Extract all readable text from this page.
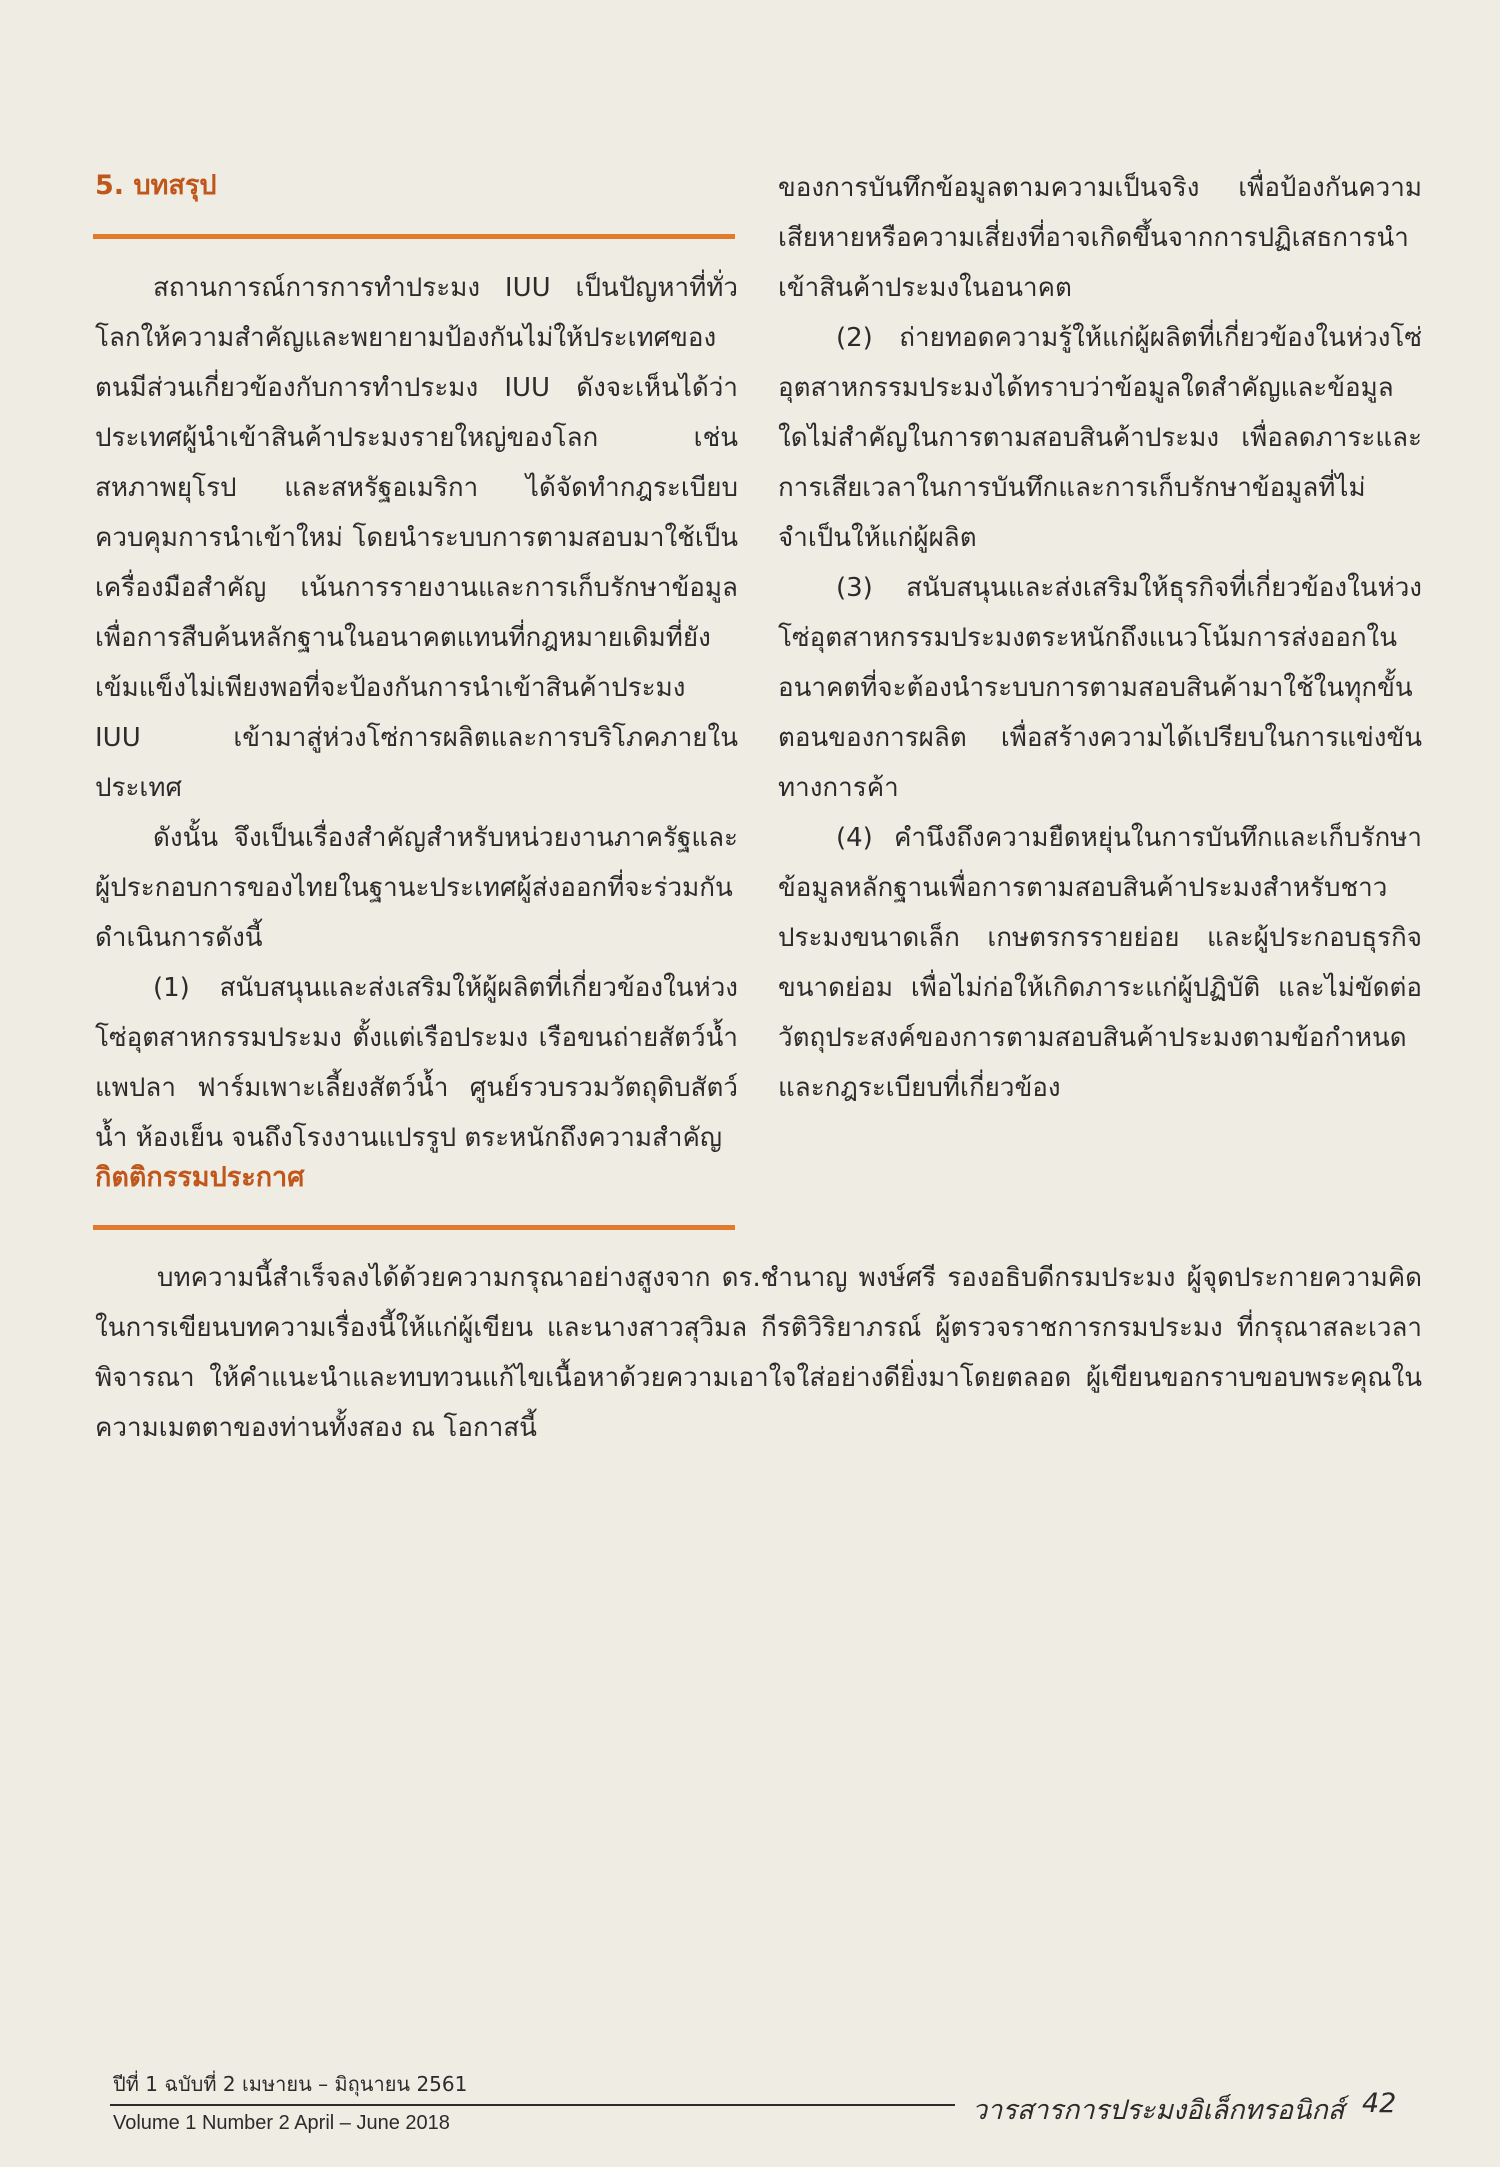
5. บทสรุป

สถานการณ์การการทำประมง IUU เป็นปัญหาที่ทั่วโลกให้ความสำคัญและพยายามป้องกันไม่ให้ประเทศของตนมีส่วนเกี่ยวข้องกับการทำประมง IUU ดังจะเห็นได้ว่าประเทศผู้นำเข้าสินค้าประมงรายใหญ่ของโลก เช่น สหภาพยุโรป และสหรัฐอเมริกา ได้จัดทำกฎระเบียบควบคุมการนำเข้าใหม่ โดยนำระบบการตามสอบมาใช้เป็นเครื่องมือสำคัญ เน้นการรายงานและการเก็บรักษาข้อมูลเพื่อการสืบค้นหลักฐานในอนาคตแทนที่กฎหมายเดิมที่ยังเข้มแข็งไม่เพียงพอที่จะป้องกันการนำเข้าสินค้าประมง IUU เข้ามาสู่ห่วงโซ่การผลิตและการบริโภคภายในประเทศ

ดังนั้น จึงเป็นเรื่องสำคัญสำหรับหน่วยงานภาครัฐและผู้ประกอบการของไทยในฐานะประเทศผู้ส่งออกที่จะร่วมกันดำเนินการดังนี้

(1) สนับสนุนและส่งเสริมให้ผู้ผลิตที่เกี่ยวข้องในห่วงโซ่อุตสาหกรรมประมง ตั้งแต่เรือประมง เรือขนถ่ายสัตว์น้ำ แพปลา ฟาร์มเพาะเลี้ยงสัตว์น้ำ ศูนย์รวบรวมวัตถุดิบสัตว์น้ำ ห้องเย็น จนถึงโรงงานแปรรูป ตระหนักถึงความสำคัญ

ของการบันทึกข้อมูลตามความเป็นจริง เพื่อป้องกันความเสียหายหรือความเสี่ยงที่อาจเกิดขึ้นจากการปฏิเสธการนำเข้าสินค้าประมงในอนาคต

(2) ถ่ายทอดความรู้ให้แก่ผู้ผลิตที่เกี่ยวข้องในห่วงโซ่อุตสาหกรรมประมงได้ทราบว่าข้อมูลใดสำคัญและข้อมูลใดไม่สำคัญในการตามสอบสินค้าประมง เพื่อลดภาระและการเสียเวลาในการบันทึกและการเก็บรักษาข้อมูลที่ไม่จำเป็นให้แก่ผู้ผลิต

(3) สนับสนุนและส่งเสริมให้ธุรกิจที่เกี่ยวข้องในห่วงโซ่อุตสาหกรรมประมงตระหนักถึงแนวโน้มการส่งออกในอนาคตที่จะต้องนำระบบการตามสอบสินค้ามาใช้ในทุกขั้นตอนของการผลิต เพื่อสร้างความได้เปรียบในการแข่งขันทางการค้า

(4) คำนึงถึงความยืดหยุ่นในการบันทึกและเก็บรักษาข้อมูลหลักฐานเพื่อการตามสอบสินค้าประมงสำหรับชาวประมงขนาดเล็ก เกษตรกรรายย่อย และผู้ประกอบธุรกิจขนาดย่อม เพื่อไม่ก่อให้เกิดภาระแก่ผู้ปฏิบัติ และไม่ขัดต่อวัตถุประสงค์ของการตามสอบสินค้าประมงตามข้อกำหนดและกฎระเบียบที่เกี่ยวข้อง

กิตติกรรมประกาศ

บทความนี้สำเร็จลงได้ด้วยความกรุณาอย่างสูงจาก ดร.ชำนาญ พงษ์ศรี รองอธิบดีกรมประมง ผู้จุดประกายความคิดในการเขียนบทความเรื่องนี้ให้แก่ผู้เขียน และนางสาวสุวิมล กีรติวิริยาภรณ์ ผู้ตรวจราชการกรมประมง ที่กรุณาสละเวลาพิจารณา ให้คำแนะนำและทบทวนแก้ไขเนื้อหาด้วยความเอาใจใส่อย่างดียิ่งมาโดยตลอด ผู้เขียนขอกราบขอบพระคุณในความเมตตาของท่านทั้งสอง ณ โอกาสนี้

ปีที่ 1 ฉบับที่ 2 เมษายน – มิถุนายน 2561
Volume 1 Number 2 April – June 2018	วารสารการประมงอิเล็กทรอนิกส์ 42
